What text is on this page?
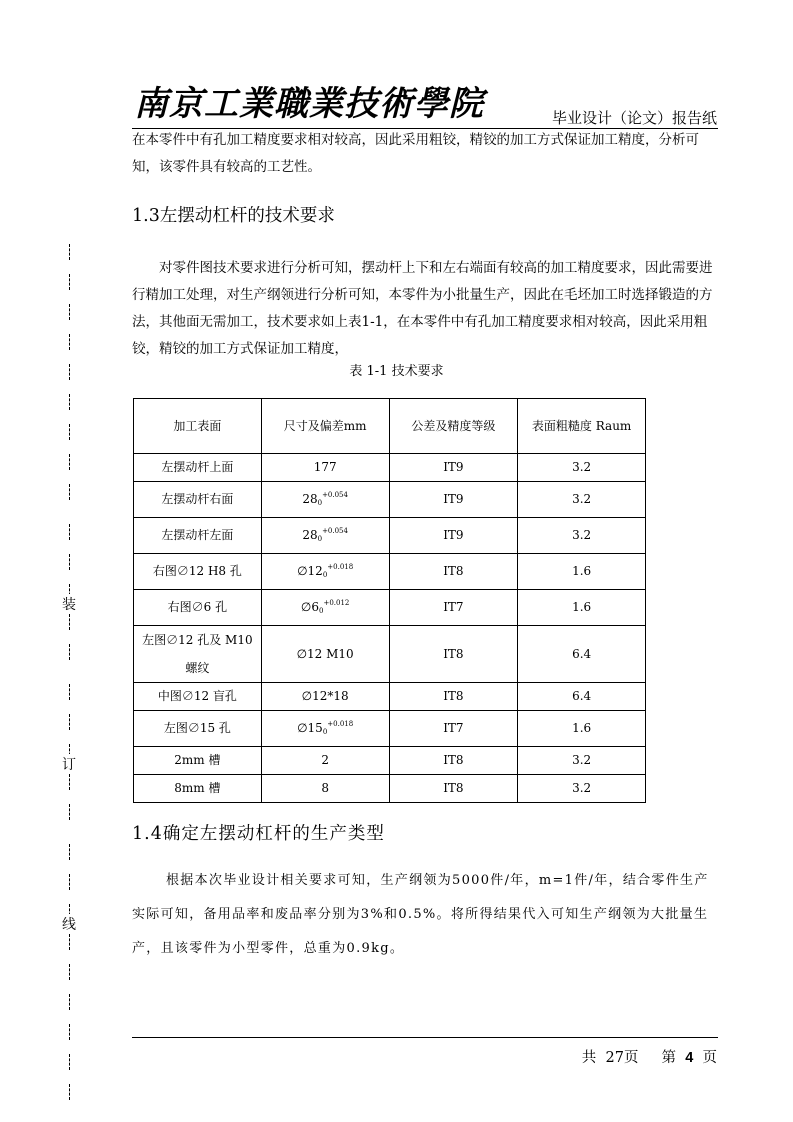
南京工業職業技術學院	毕业设计（论文）报告纸
装
订
线

在本零件中有孔加工精度要求相对较高，因此采用粗铰，精铰的加工方式保证加工精度，分析可知，该零件具有较高的工艺性。

1.3左摆动杠杆的技术要求

对零件图技术要求进行分析可知，摆动杆上下和左右端面有较高的加工精度要求，因此需要进行精加工处理，对生产纲领进行分析可知，本零件为小批量生产，因此在毛坯加工时选择锻造的方法，其他面无需加工，技术要求如上表1-1，在本零件中有孔加工精度要求相对较高，因此采用粗铰，精铰的加工方式保证加工精度，

表 1-1 技术要求
加工表面	尺寸及偏差mm	公差及精度等级	表面粗糙度 Raum
左摆动杆上面	177	IT9	3.2
左摆动杆右面	$28_0^{+0.054}$	IT9	3.2
左摆动杆左面	$28_0^{+0.054}$	IT9	3.2
右图∅12 H8 孔	$\emptyset 12_0^{+0.018}$	IT8	1.6
右图∅6 孔	$\emptyset 6_0^{+0.012}$	IT7	1.6
左图∅12 孔及 M10螺纹	∅12 M10	IT8	6.4
中图∅12 盲孔	∅12*18	IT8	6.4
左图∅15 孔	$\emptyset 15_0^{+0.018}$	IT7	1.6
2mm 槽	2	IT8	3.2
8mm 槽	8	IT8	3.2
1.4确定左摆动杠杆的生产类型

根据本次毕业设计相关要求可知，生产纲领为5000件/年，m=1件/年，结合零件生产实际可知，备用品率和废品率分别为3%和0.5%。将所得结果代入可知生产纲领为大批量生产，且该零件为小型零件，总重为0.9kg。

共 27页 第 4 页
